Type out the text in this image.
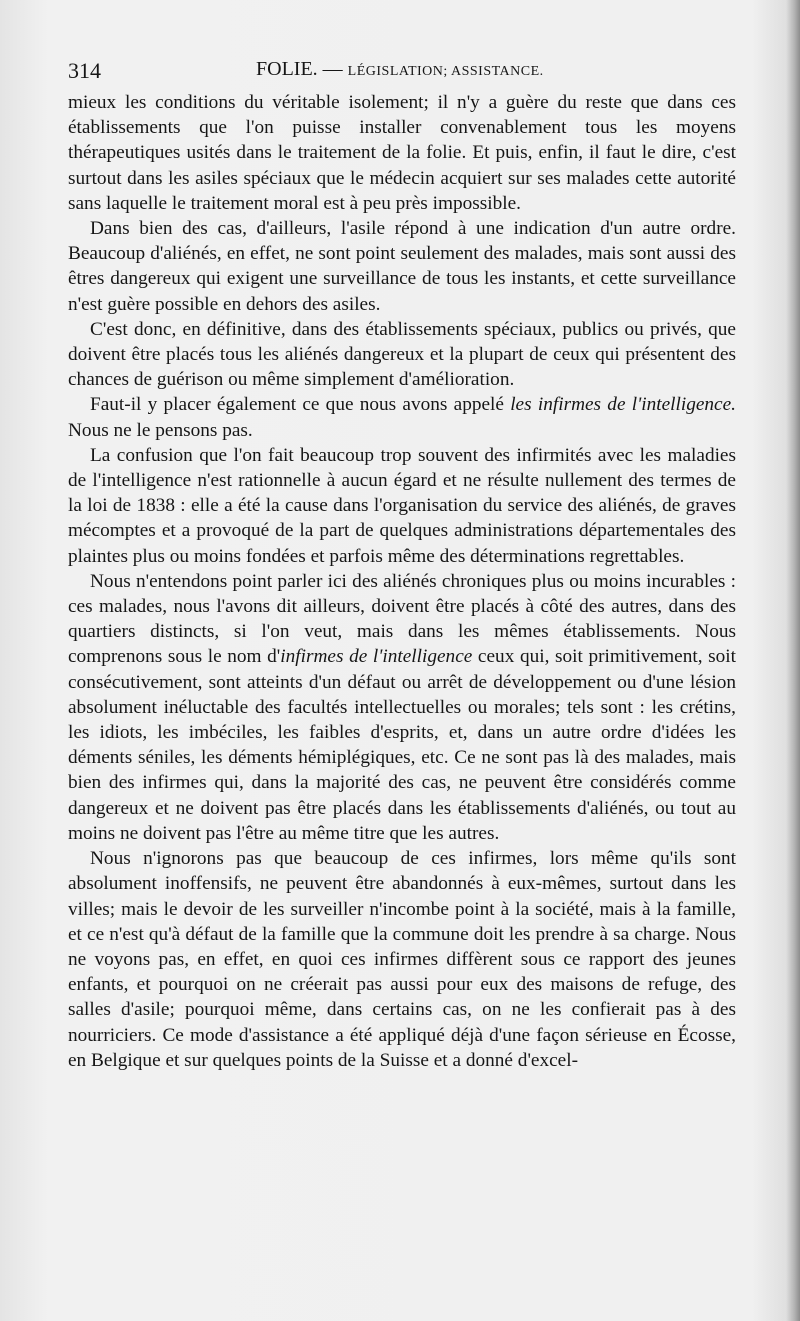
314	FOLIE. — LÉGISLATION; ASSISTANCE.

mieux les conditions du véritable isolement; il n'y a guère du reste que dans ces établissements que l'on puisse installer convenablement tous les moyens thérapeutiques usités dans le traitement de la folie. Et puis, enfin, il faut le dire, c'est surtout dans les asiles spéciaux que le médecin acquiert sur ses malades cette autorité sans laquelle le traitement moral est à peu près impossible.

Dans bien des cas, d'ailleurs, l'asile répond à une indication d'un autre ordre. Beaucoup d'aliénés, en effet, ne sont point seulement des malades, mais sont aussi des êtres dangereux qui exigent une surveillance de tous les instants, et cette surveillance n'est guère possible en dehors des asiles.

C'est donc, en définitive, dans des établissements spéciaux, publics ou privés, que doivent être placés tous les aliénés dangereux et la plupart de ceux qui présentent des chances de guérison ou même simplement d'amélioration.

Faut-il y placer également ce que nous avons appelé les infirmes de l'intelligence. Nous ne le pensons pas.

La confusion que l'on fait beaucoup trop souvent des infirmités avec les maladies de l'intelligence n'est rationnelle à aucun égard et ne résulte nullement des termes de la loi de 1838 : elle a été la cause dans l'organisation du service des aliénés, de graves mécomptes et a provoqué de la part de quelques administrations départementales des plaintes plus ou moins fondées et parfois même des déterminations regrettables.

Nous n'entendons point parler ici des aliénés chroniques plus ou moins incurables : ces malades, nous l'avons dit ailleurs, doivent être placés à côté des autres, dans des quartiers distincts, si l'on veut, mais dans les mêmes établissements. Nous comprenons sous le nom d'infirmes de l'intelligence ceux qui, soit primitivement, soit consécutivement, sont atteints d'un défaut ou arrêt de développement ou d'une lésion absolument inéluctable des facultés intellectuelles ou morales; tels sont : les crétins, les idiots, les imbéciles, les faibles d'esprits, et, dans un autre ordre d'idées les déments séniles, les déments hémiplégiques, etc. Ce ne sont pas là des malades, mais bien des infirmes qui, dans la majorité des cas, ne peuvent être considérés comme dangereux et ne doivent pas être placés dans les établissements d'aliénés, ou tout au moins ne doivent pas l'être au même titre que les autres.

Nous n'ignorons pas que beaucoup de ces infirmes, lors même qu'ils sont absolument inoffensifs, ne peuvent être abandonnés à eux-mêmes, surtout dans les villes; mais le devoir de les surveiller n'incombe point à la société, mais à la famille, et ce n'est qu'à défaut de la famille que la commune doit les prendre à sa charge. Nous ne voyons pas, en effet, en quoi ces infirmes diffèrent sous ce rapport des jeunes enfants, et pourquoi on ne créerait pas aussi pour eux des maisons de refuge, des salles d'asile; pourquoi même, dans certains cas, on ne les confierait pas à des nourriciers. Ce mode d'assistance a été appliqué déjà d'une façon sérieuse en Écosse, en Belgique et sur quelques points de la Suisse et a donné d'excel-
